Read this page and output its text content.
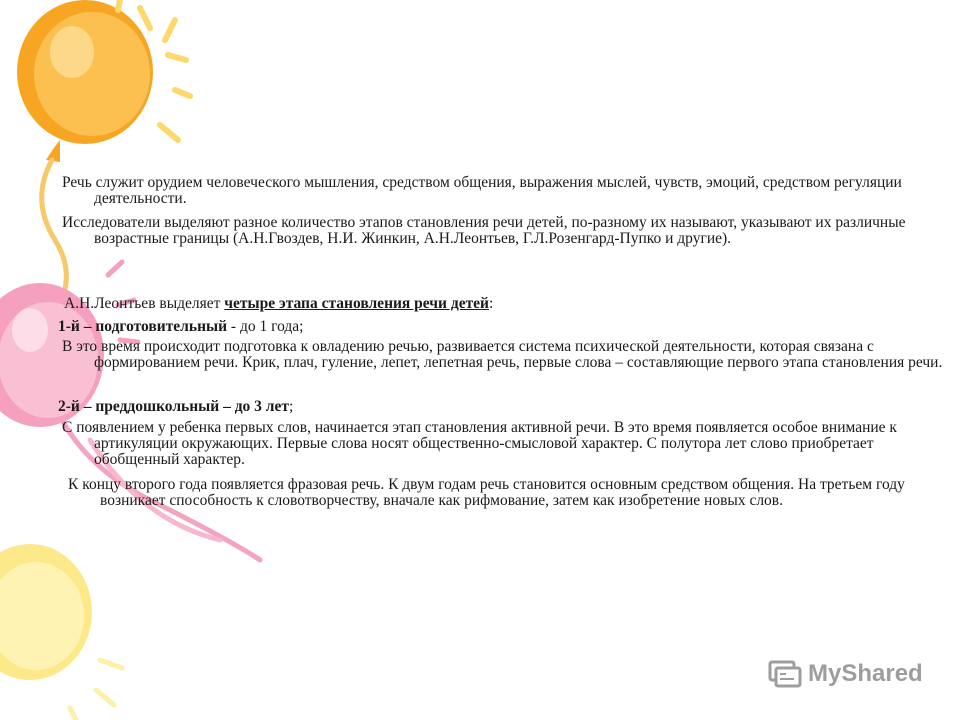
Речь служит орудием человеческого мышления, средством общения, выражения мыслей, чувств, эмоций, средством регуляции деятельности.
Исследователи выделяют разное количество этапов становления речи детей, по-разному их называют, указывают их различные возрастные границы (А.Н.Гвоздев, Н.И. Жинкин, А.Н.Леонтьев, Г.Л.Розенгард-Пупко и другие).
А.Н.Леонтьев выделяет четыре этапа становления речи детей:
1-й – подготовительный - до 1 года;
В это время происходит подготовка к овладению речью, развивается система психической деятельности, которая связана с формированием речи. Крик, плач, гуление, лепет, лепетная речь, первые слова – составляющие первого этапа становления речи.
2-й – преддошкольный – до 3 лет;
С появлением у ребенка первых слов, начинается этап становления активной речи. В это время появляется особое внимание к артикуляции окружающих. Первые слова носят общественно-смысловой характер. С полутора лет слово приобретает обобщенный характер.
К концу второго года появляется фразовая речь. К двум годам речь становится основным средством общения. На третьем году возникает способность к словотворчеству, вначале как рифмование, затем как изобретение новых слов.
MyShared
